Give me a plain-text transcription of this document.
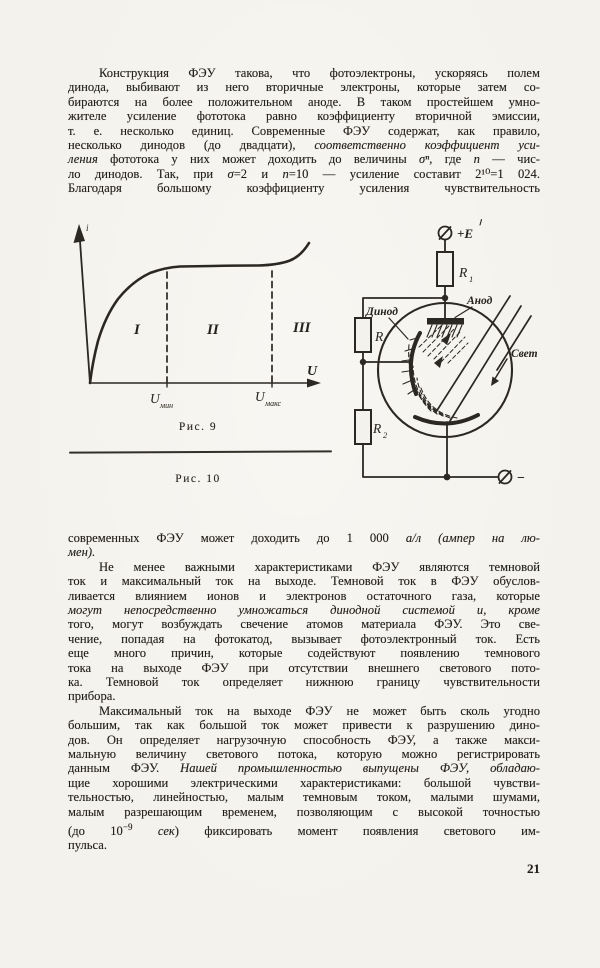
Конструкция ФЭУ такова, что фотоэлектроны, ускоряясь полем
динода, выбивают из него вторичные электроны, которые затем со-
бираются на более положительном аноде. В таком простейшем умно-
жителе усиление фототока равно коэффициенту вторичной эмиссии,
т. е. несколько единиц. Современные ФЭУ содержат, как правило,
несколько динодов (до двадцати), соответственно коэффициент уси-
ления фототока у них может доходить до величины σⁿ, где n — чис-
ло динодов. Так, при σ=2 и n=10 — усиление составит 2¹⁰=1 024.
Благодаря большому коэффициенту усиления чувствительность
i
I	II	III
U
U мин
U макс
Рис. 9
Рис. 10
+E
R 1
R
R 2
−
Динод
Анод
Свет
современных ФЭУ может доходить до 1 000 а/л (ампер на лю-
мен).
Не менее важными характеристиками ФЭУ являются темновой
ток и максимальный ток на выходе. Темновой ток в ФЭУ обуслов-
ливается влиянием ионов и электронов остаточного газа, которые
могут непосредственно умножаться динодной системой и, кроме
того, могут возбуждать свечение атомов материала ФЭУ. Это све-
чение, попадая на фотокатод, вызывает фотоэлектронный ток. Есть
еще много причин, которые содействуют появлению темнового
тока на выходе ФЭУ при отсутствии внешнего светового пото-
ка. Темновой ток определяет нижнюю границу чувствительности
прибора.
Максимальный ток на выходе ФЭУ не может быть сколь угодно
большим, так как большой ток может привести к разрушению дино-
дов. Он определяет нагрузочную способность ФЭУ, а также макси-
мальную величину светового потока, которую можно регистрировать
данным ФЭУ. Нашей промышленностью выпущены ФЭУ, обладаю-
щие хорошими электрическими характеристиками: большой чувстви-
тельностью, линейностью, малым темновым током, малыми шумами,
малым разрешающим временем, позволяющим с высокой точностью
(до $10^{-9}$ сек) фиксировать момент появления светового им-
пульса.
21
